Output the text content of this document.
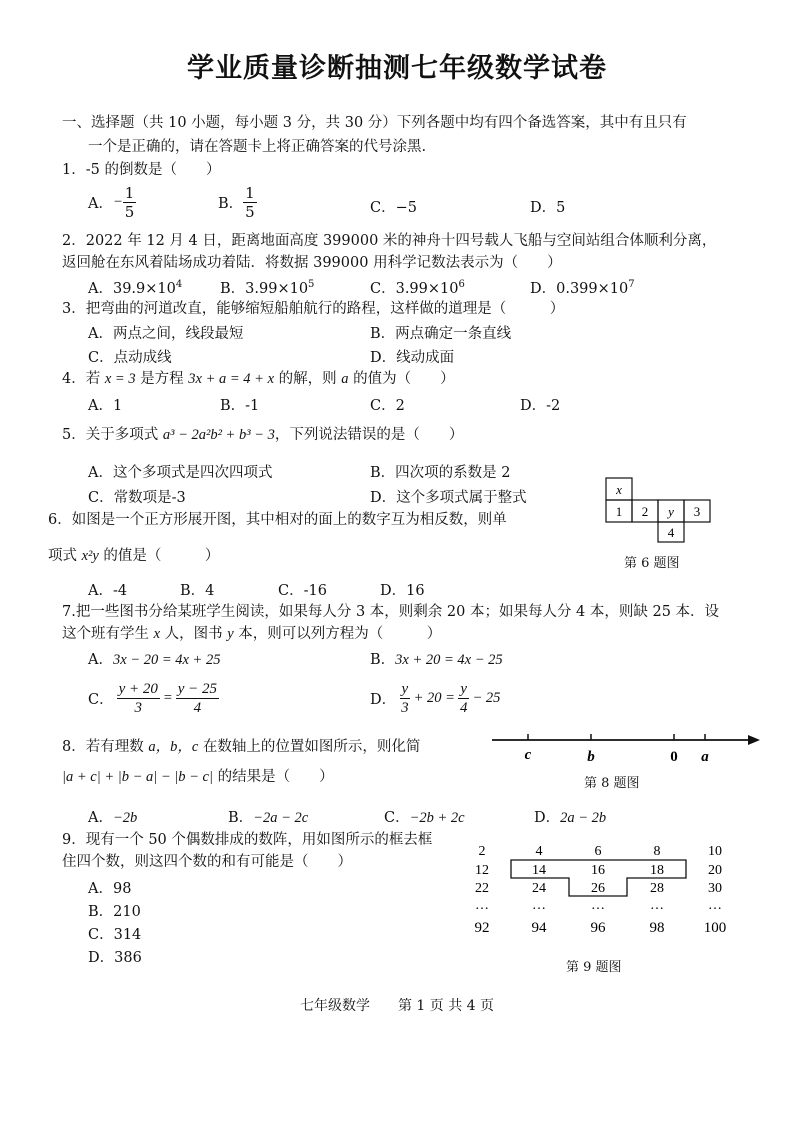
学业质量诊断抽测七年级数学试卷
一、选择题（共 10 小题，每小题 3 分，共 30 分）下列各题中均有四个备选答案，其中有且只有
一个是正确的，请在答题卡上将正确答案的代号涂黑.
1．-5 的倒数是（　　）
A． − $\frac{1}{5}$	B． $\frac{1}{5}$	C．−5	D．5
2．2022 年 12 月 4 日，距离地面高度 399000 米的神舟十四号载人飞船与空间站组合体顺利分离，
返回舱在东风着陆场成功着陆．将数据 399000 用科学记数法表示为（　　）
A．$39.9\times 10^4$	B．$3.99\times 10^5$	C．$3.99\times 10^6$	D．$0.399\times 10^7$
3．把弯曲的河道改直，能够缩短船舶航行的路程，这样做的道理是（　　　）
A．两点之间，线段最短	B．两点确定一条直线
C．点动成线	D．线动成面
4．若 x = 3 是方程 3x + a = 4 + x 的解，则 a 的值为（　　）
A．1	B．-1	C．2	D．-2
5．关于多项式 a³ − 2a²b² + b³ − 3，下列说法错误的是（　　）
A．这个多项式是四次四项式	B．四次项的系数是 2
C．常数项是-3	D．这个多项式属于整式
6．如图是一个正方形展开图，其中相对的面上的数字互为相反数，则单
项式 x²y 的值是（　　　）
A．-4	B．4	C．-16	D．16
x
1 2 y 3
4
第 6 题图
7.把一些图书分给某班学生阅读，如果每人分 3 本，则剩余 20 本；如果每人分 4 本，则缺 25 本．设
这个班有学生 x 人，图书 y 本，则可以列方程为（　　　）
A．3x − 20 = 4x + 25	B．3x + 20 = 4x − 25
C． $\frac{y + 20}{3} = \frac{y - 25}{4}$	D． $\frac{y}{3} + 20 = \frac{y}{4} - 25$
8．若有理数 a，b，c 在数轴上的位置如图所示，则化简
|a + c| + |b − a| − |b − c| 的结果是（　　）
A．−2b	B．−2a − 2c	C．−2b + 2c	D．2a − 2b
c	b	0 a
第 8 题图
9．现有一个 50 个偶数排成的数阵，用如图所示的框去框
住四个数，则这四个数的和有可能是（　　）
A．98
B．210
C．314
D．386
2	4	6	8	10
12	14	16	18	20
22	24	26	28	30
…	…	…	…	…
92	94	96	98	100
第 9 题图
七年级数学　　第 1 页 共 4 页
